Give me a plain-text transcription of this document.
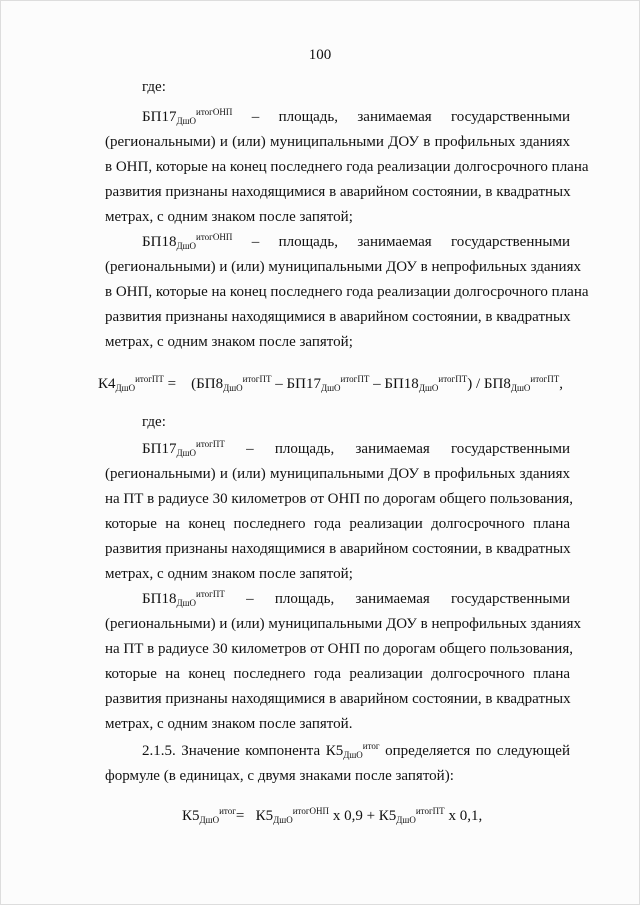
100
где:
$БП17_{ДшО}^{итогОНП}$ – площадь, занимаемая государственными
(региональными) и (или) муниципальными ДОУ в профильных зданиях
в ОНП, которые на конец последнего года реализации долгосрочного плана
развития признаны находящимися в аварийном состоянии, в квадратных
метрах, с одним знаком после запятой;
$БП18_{ДшО}^{итогОНП}$ – площадь, занимаемая государственными
(региональными) и (или) муниципальными ДОУ в непрофильных зданиях
в ОНП, которые на конец последнего года реализации долгосрочного плана
развития признаны находящимися в аварийном состоянии, в квадратных
метрах, с одним знаком после запятой;
$К4_{ДшО}^{итогПТ}$ =    $(БП8_{ДшО}^{итогПТ} - БП17_{ДшО}^{итогПТ} - БП18_{ДшО}^{итогПТ}) / БП8_{ДшО}^{итогПТ}$,
где:
$БП17_{ДшО}^{итогПТ}$ – площадь, занимаемая государственными
(региональными) и (или) муниципальными ДОУ в профильных зданиях
на ПТ в радиусе 30 километров от ОНП по дорогам общего пользования,
которые на конец последнего года реализации долгосрочного плана
развития признаны находящимися в аварийном состоянии, в квадратных
метрах, с одним знаком после запятой;
$БП18_{ДшО}^{итогПТ}$ – площадь, занимаемая государственными
(региональными) и (или) муниципальными ДОУ в непрофильных зданиях
на ПТ в радиусе 30 километров от ОНП по дорогам общего пользования,
которые на конец последнего года реализации долгосрочного плана
развития признаны находящимися в аварийном состоянии, в квадратных
метрах, с одним знаком после запятой.
2.1.5. Значение компонента $К5_{ДшО}^{итог}$ определяется по следующей
формуле (в единицах, с двумя знаками после запятой):
$К5_{ДшО}^{итог}= К5_{ДшО}^{итогОНП}$ х $0,9 + К5_{ДшО}^{итогПТ}$ х 0,1,
